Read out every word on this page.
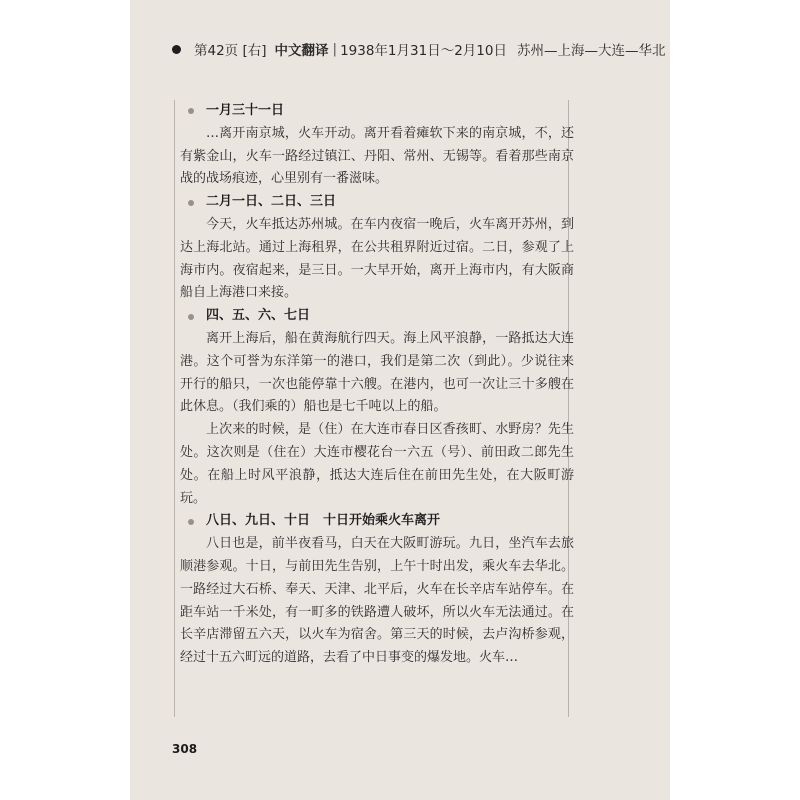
第42页 [右] 中文翻译 | 1938年1月31日～2月10日 苏州—上海—大连—华北
一月三十一日

…离开南京城，火车开动。离开看着瘫软下来的南京城，不，还有紫金山，火车一路经过镇江、丹阳、常州、无锡等。看着那些南京战的战场痕迹，心里别有一番滋味。

二月一日、二日、三日

今天，火车抵达苏州城。在车内夜宿一晚后，火车离开苏州，到达上海北站。通过上海租界，在公共租界附近过宿。二日，参观了上海市内。夜宿起来，是三日。一大早开始，离开上海市内，有大阪商船自上海港口来接。

四、五、六、七日

离开上海后，船在黄海航行四天。海上风平浪静，一路抵达大连港。这个可誉为东洋第一的港口，我们是第二次（到此）。少说往来开行的船只，一次也能停靠十六艘。在港内，也可一次让三十多艘在此休息。（我们乘的）船也是七千吨以上的船。

上次来的时候，是（住）在大连市春日区香孩町、水野房？先生处。这次则是（住在）大连市樱花台一六五（号）、前田政二郎先生处。在船上时风平浪静，抵达大连后住在前田先生处，在大阪町游玩。

八日、九日、十日　十日开始乘火车离开

八日也是，前半夜看马，白天在大阪町游玩。九日，坐汽车去旅顺港参观。十日，与前田先生告别，上午十时出发，乘火车去华北。一路经过大石桥、奉天、天津、北平后，火车在长辛店车站停车。在距车站一千米处，有一町多的铁路遭人破坏，所以火车无法通过。在长辛店滞留五六天，以火车为宿舍。第三天的时候，去卢沟桥参观，经过十五六町远的道路，去看了中日事变的爆发地。火车…

308
